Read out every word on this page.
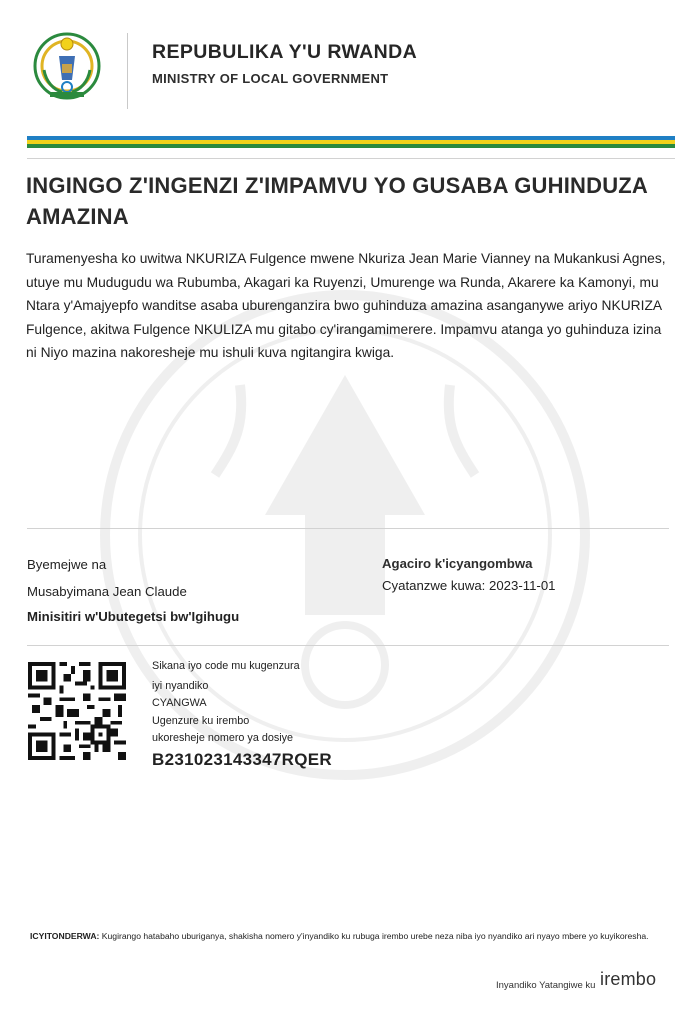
REPUBULIKA Y'U RWANDA
MINISTRY OF LOCAL GOVERNMENT
INGINGO Z'INGENZI Z'IMPAMVU YO GUSABA GUHINDUZA AMAZINA

Turamenyesha ko uwitwa NKURIZA Fulgence mwene Nkuriza Jean Marie Vianney na Mukankusi Agnes, utuye mu Mudugudu wa Rubumba, Akagari ka Ruyenzi, Umurenge wa Runda, Akarere ka Kamonyi, mu Ntara y'Amajyepfo wanditse asaba uburenganzira bwo guhinduza amazina asanganywe ariyo NKURIZA Fulgence, akitwa Fulgence NKULIZA mu gitabo cy'irangamimerere. Impamvu atanga yo guhinduza izina ni Niyo mazina nakoresheje mu ishuli kuva ngitangira kwiga.

Byemejwe na
Musabyimana Jean Claude
Minisitiri w'Ubutegetsi bw'Igihugu
Agaciro k'icyangombwa
Cyatanzwe kuwa: 2023-11-01
Sikana iyo code mu kugenzura
iyi nyandiko
CYANGWA
Ugenzure ku irembo
ukoresheje nomero ya dosiye
B231023143347RQER
ICYITONDERWA: Kugirango hatabaho uburiganya, shakisha nomero y'inyandiko ku rubuga irembo urebe neza niba iyo nyandiko ari nyayo mbere yo kuyikoresha.
Inyandiko Yatangiwe ku irembo
